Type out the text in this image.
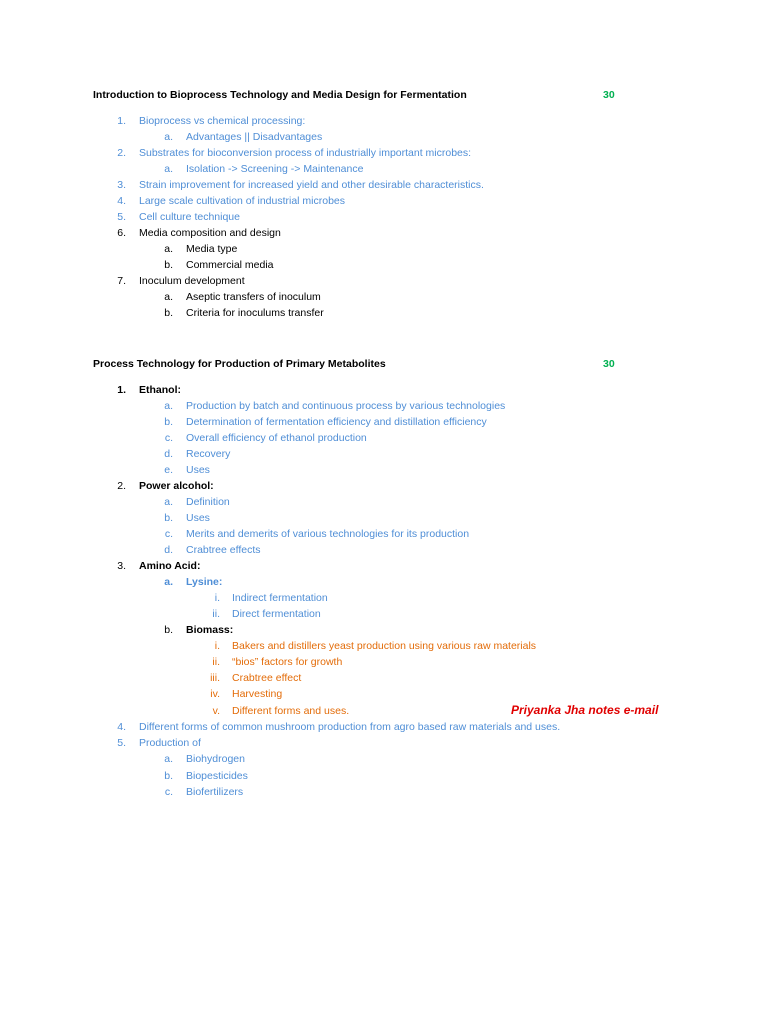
Introduction to Bioprocess Technology and Media Design for Fermentation	30
Process Technology for Production of Primary Metabolites	30
1. Bioprocess vs chemical processing:
a. Advantages || Disadvantages
2. Substrates for bioconversion process of industrially important microbes:
a. Isolation -> Screening -> Maintenance
3. Strain improvement for increased yield and other desirable characteristics.
4. Large scale cultivation of industrial microbes
5. Cell culture technique
6. Media composition and design
a. Media type
b. Commercial media
7. Inoculum development
a. Aseptic transfers of inoculum
b. Criteria for inoculums transfer
1. Ethanol:
a. Production by batch and continuous process by various technologies
b. Determination of fermentation efficiency and distillation efficiency
c. Overall efficiency of ethanol production
d. Recovery
e. Uses
2. Power alcohol:
a. Definition
b. Uses
c. Merits and demerits of various technologies for its production
d. Crabtree effects
3. Amino Acid:
a. Lysine:
i. Indirect fermentation
ii. Direct fermentation
b. Biomass:
i. Bakers and distillers yeast production using various raw materials
ii. “bios” factors for growth
iii. Crabtree effect
iv. Harvesting
v. Different forms and uses.
4. Different forms of common mushroom production from agro based raw materials and uses.
5. Production of
a. Biohydrogen
b. Biopesticides
c. Biofertilizers
Priyanka Jha notes e-mail
